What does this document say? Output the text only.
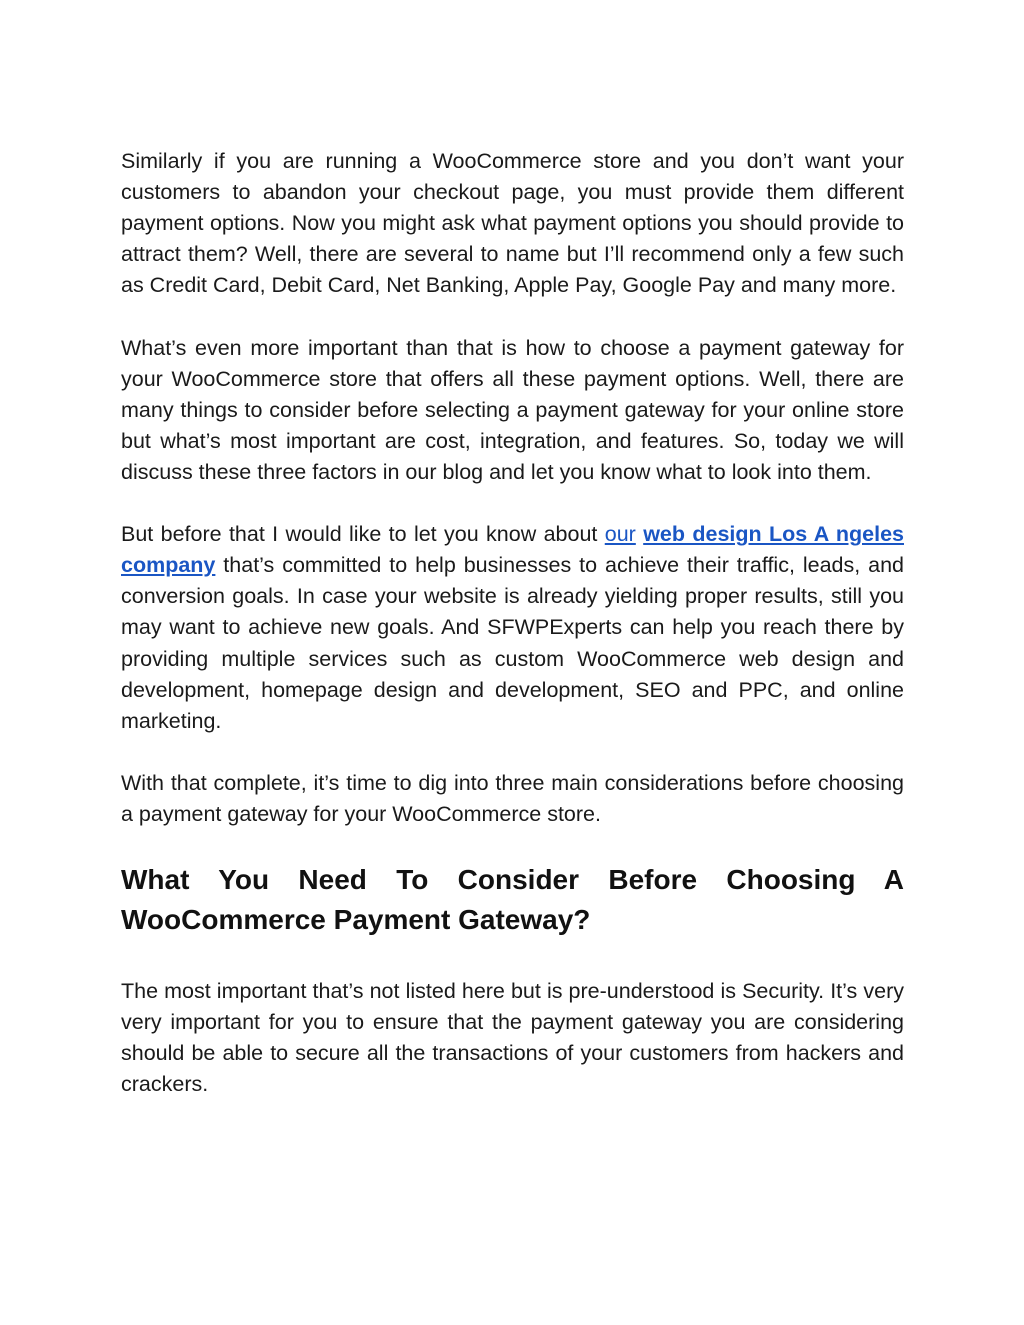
Similarly if you are running a WooCommerce store and you don’t want your customers to abandon your checkout page, you must provide them different payment options. Now you might ask what payment options you should provide to attract them? Well, there are several to name but I’ll recommend only a few such as Credit Card, Debit Card, Net Banking, Apple Pay, Google Pay and many more.

What’s even more important than that is how to choose a payment gateway for your WooCommerce store that offers all these payment options. Well, there are many things to consider before selecting a payment gateway for your online store but what’s most important are cost, integration, and features. So, today we will discuss these three factors in our blog and let you know what to look into them.

But before that I would like to let you know about our web design Los A ngeles company that’s committed to help businesses to achieve their traffic, leads, and conversion goals. In case your website is already yielding proper results, still you may want to achieve new goals. And SFWPExperts can help you reach there by providing multiple services such as custom WooCommerce web design and development, homepage design and development, SEO and PPC, and online marketing.

With that complete, it’s time to dig into three main considerations before choosing a payment gateway for your WooCommerce store.

What You Need To Consider Before Choosing A WooCommerce Payment Gateway?

The most important that’s not listed here but is pre-understood is Security. It’s very very important for you to ensure that the payment gateway you are considering should be able to secure all the transactions of your customers from hackers and crackers.
